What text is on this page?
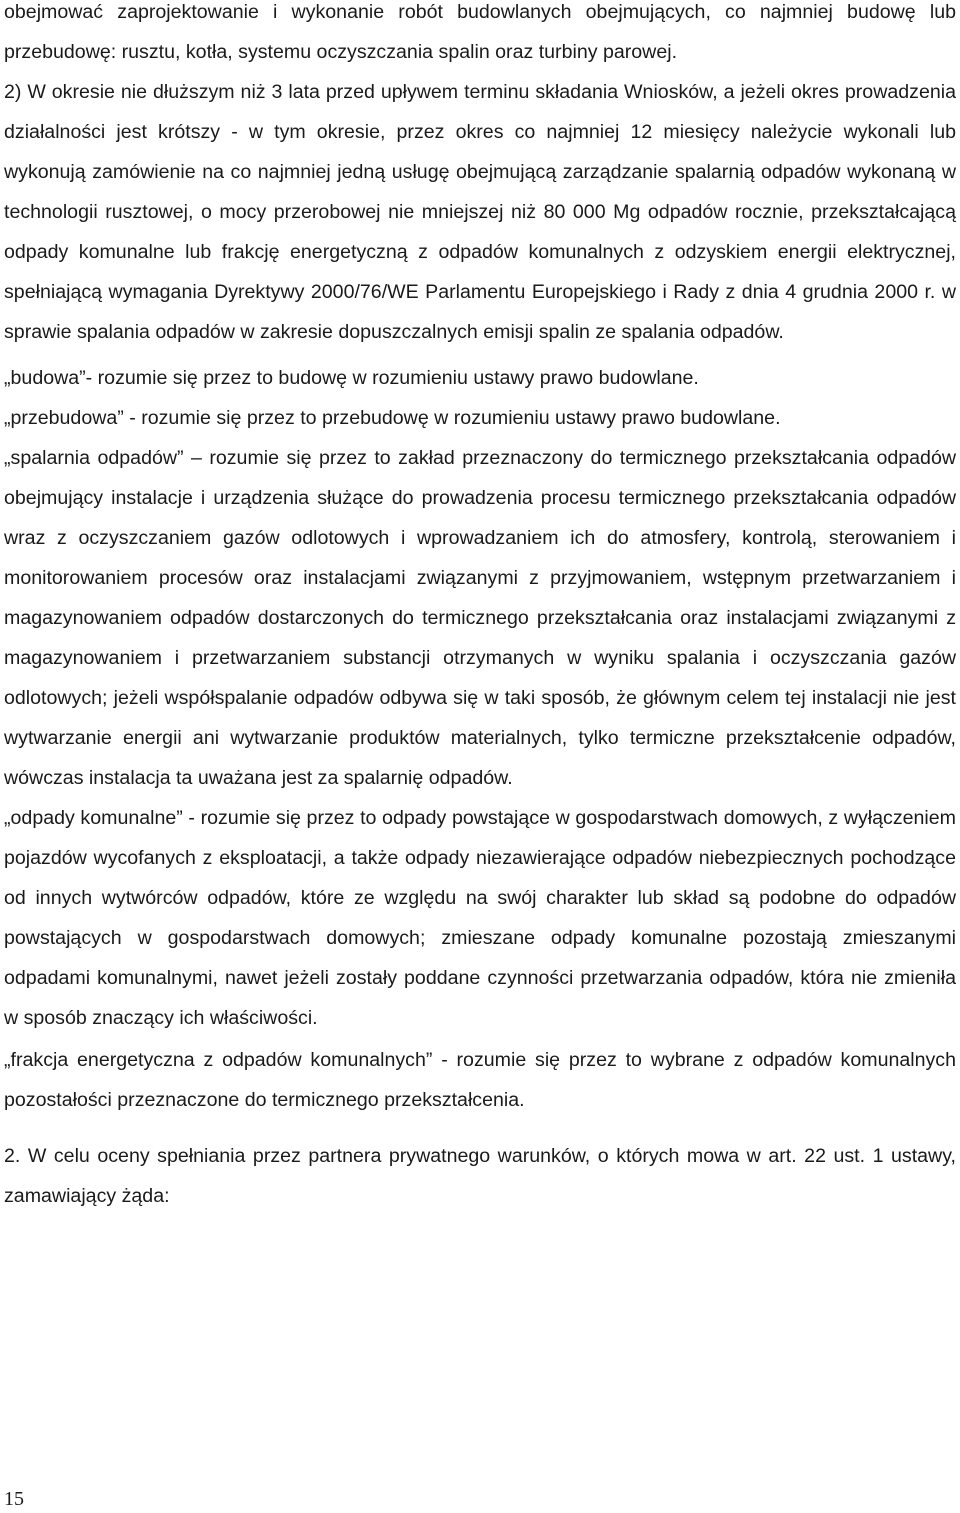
obejmować zaprojektowanie i wykonanie robót budowlanych obejmujących, co najmniej budowę lub przebudowę: rusztu, kotła, systemu oczyszczania spalin oraz turbiny parowej.

2) W okresie nie dłuższym niż 3 lata przed upływem terminu składania Wniosków, a jeżeli okres prowadzenia działalności jest krótszy - w tym okresie, przez okres co najmniej 12 miesięcy należycie wykonali lub wykonują zamówienie na co najmniej jedną usługę obejmującą zarządzanie spalarnią odpadów wykonaną w technologii rusztowej, o mocy przerobowej nie mniejszej niż 80 000 Mg odpadów rocznie, przekształcającą odpady komunalne lub frakcję energetyczną z odpadów komunalnych z odzyskiem energii elektrycznej, spełniającą wymagania Dyrektywy 2000/76/WE Parlamentu Europejskiego i Rady z dnia 4 grudnia 2000 r. w sprawie spalania odpadów w zakresie dopuszczalnych emisji spalin ze spalania odpadów.

„budowa”- rozumie się przez to budowę w rozumieniu ustawy prawo budowlane.

„przebudowa” - rozumie się przez to przebudowę w rozumieniu ustawy prawo budowlane.

„spalarnia odpadów” – rozumie się przez to zakład przeznaczony do termicznego przekształcania odpadów obejmujący instalacje i urządzenia służące do prowadzenia procesu termicznego przekształcania odpadów wraz z oczyszczaniem gazów odlotowych i wprowadzaniem ich do atmosfery, kontrolą, sterowaniem i monitorowaniem procesów oraz instalacjami związanymi z przyjmowaniem, wstępnym przetwarzaniem i magazynowaniem odpadów dostarczonych do termicznego przekształcania oraz instalacjami związanymi z magazynowaniem i przetwarzaniem substancji otrzymanych w wyniku spalania i oczyszczania gazów odlotowych; jeżeli współspalanie odpadów odbywa się w taki sposób, że głównym celem tej instalacji nie jest wytwarzanie energii ani wytwarzanie produktów materialnych, tylko termiczne przekształcenie odpadów, wówczas instalacja ta uważana jest za spalarnię odpadów.

„odpady komunalne” - rozumie się przez to odpady powstające w gospodarstwach domowych, z wyłączeniem pojazdów wycofanych z eksploatacji, a także odpady niezawierające odpadów niebezpiecznych pochodzące od innych wytwórców odpadów, które ze względu na swój charakter lub skład są podobne do odpadów powstających w gospodarstwach domowych; zmieszane odpady komunalne pozostają zmieszanymi odpadami komunalnymi, nawet jeżeli zostały poddane czynności przetwarzania odpadów, która nie zmieniła w sposób znaczący ich właściwości.

„frakcja energetyczna z odpadów komunalnych” - rozumie się przez to wybrane z odpadów komunalnych pozostałości przeznaczone do termicznego przekształcenia.

2. W celu oceny spełniania przez partnera prywatnego warunków, o których mowa w art. 22 ust. 1 ustawy, zamawiający żąda:

15
